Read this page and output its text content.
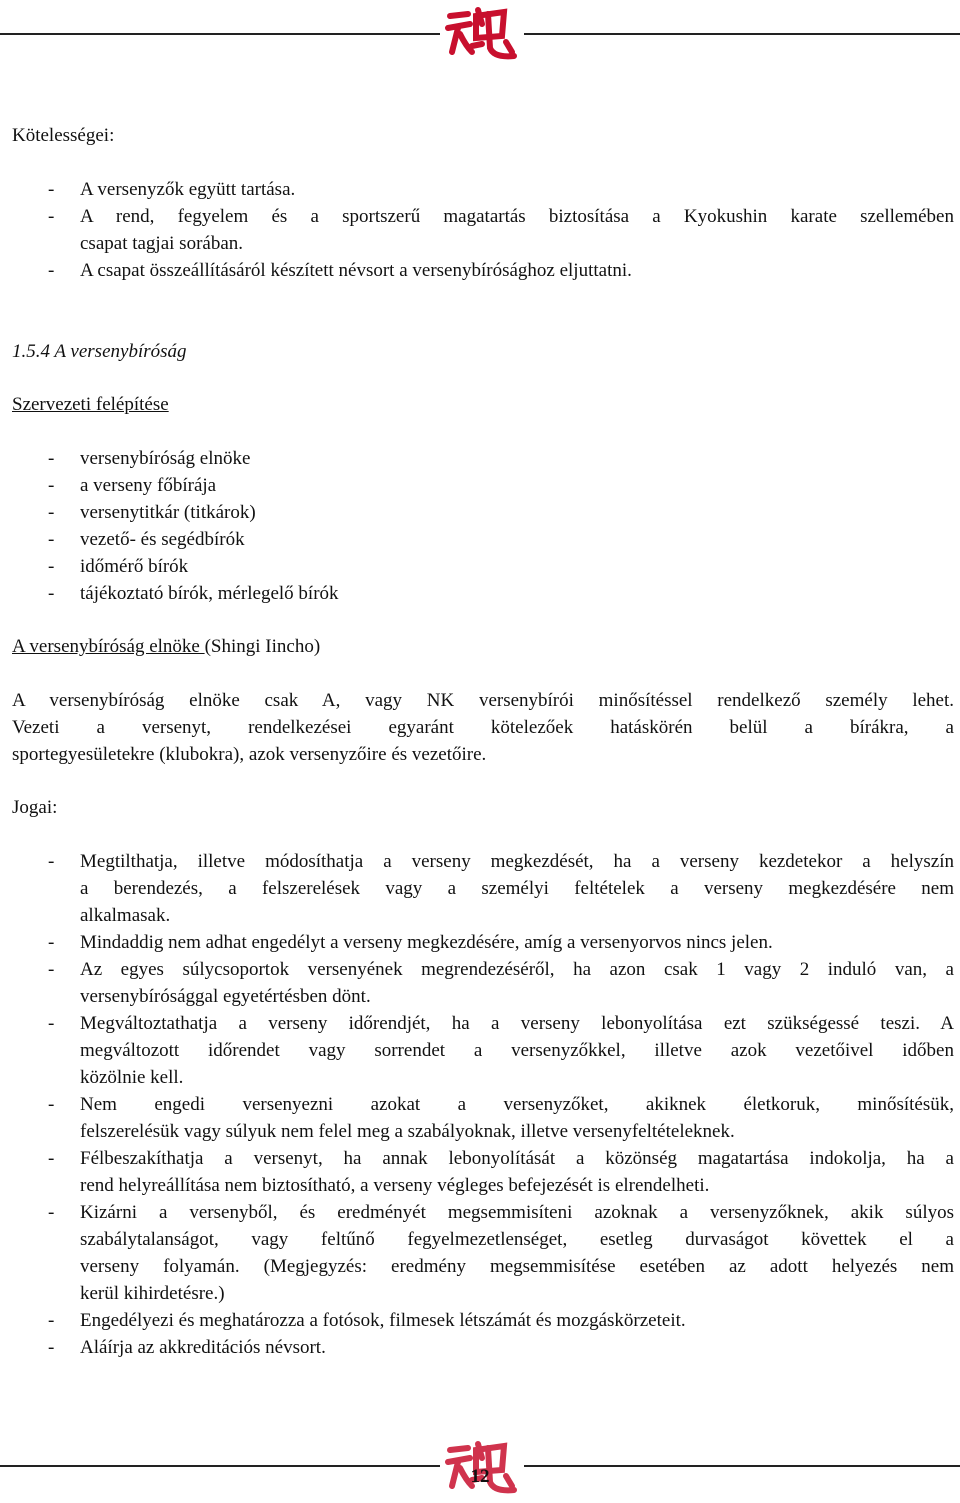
Kötelességei:
- A versenyzők együtt tartása.
- A rend, fegyelem és a sportszerű magatartás biztosítása a Kyokushin karate szellemében
csapat tagjai sorában.
- A csapat összeállításáról készített névsort a versenybírósághoz eljuttatni.
1.5.4 A versenybíróság
Szervezeti felépítése
- versenybíróság elnöke
- a verseny főbírája
- versenytitkár (titkárok)
- vezető- és segédbírók
- időmérő bírók
- tájékoztató bírók, mérlegelő bírók
A versenybíróság elnöke (Shingi Iincho)
A versenybíróság elnöke csak A, vagy NK versenybírói minősítéssel rendelkező személy lehet.
Vezeti a versenyt, rendelkezései egyaránt kötelezőek hatáskörén belül a bírákra, a
sportegyesületekre (klubokra), azok versenyzőire és vezetőire.
Jogai:
- Megtilthatja, illetve módosíthatja a verseny megkezdését, ha a verseny kezdetekor a helyszín
a berendezés, a felszerelések vagy a személyi feltételek a verseny megkezdésére nem
alkalmasak.
- Mindaddig nem adhat engedélyt a verseny megkezdésére, amíg a versenyorvos nincs jelen.
- Az egyes súlycsoportok versenyének megrendezéséről, ha azon csak 1 vagy 2 induló van, a
versenybírósággal egyetértésben dönt.
- Megváltoztathatja a verseny időrendjét, ha a verseny lebonyolítása ezt szükségessé teszi. A
megváltozott időrendet vagy sorrendet a versenyzőkkel, illetve azok vezetőivel időben
közölnie kell.
- Nem engedi versenyezni azokat a versenyzőket, akiknek életkoruk, minősítésük,
felszerelésük vagy súlyuk nem felel meg a szabályoknak, illetve versenyfeltételeknek.
- Félbeszakíthatja a versenyt, ha annak lebonyolítását a közönség magatartása indokolja, ha a
rend helyreállítása nem biztosítható, a verseny végleges befejezését is elrendelheti.
- Kizárni a versenyből, és eredményét megsemmisíteni azoknak a versenyzőknek, akik súlyos
szabálytalanságot, vagy feltűnő fegyelmezetlenséget, esetleg durvaságot követtek el a
verseny folyamán. (Megjegyzés: eredmény megsemmisítése esetében az adott helyezés nem
kerül kihirdetésre.)
- Engedélyezi és meghatározza a fotósok, filmesek létszámát és mozgáskörzeteit.
- Aláírja az akkreditációs névsort.
12
